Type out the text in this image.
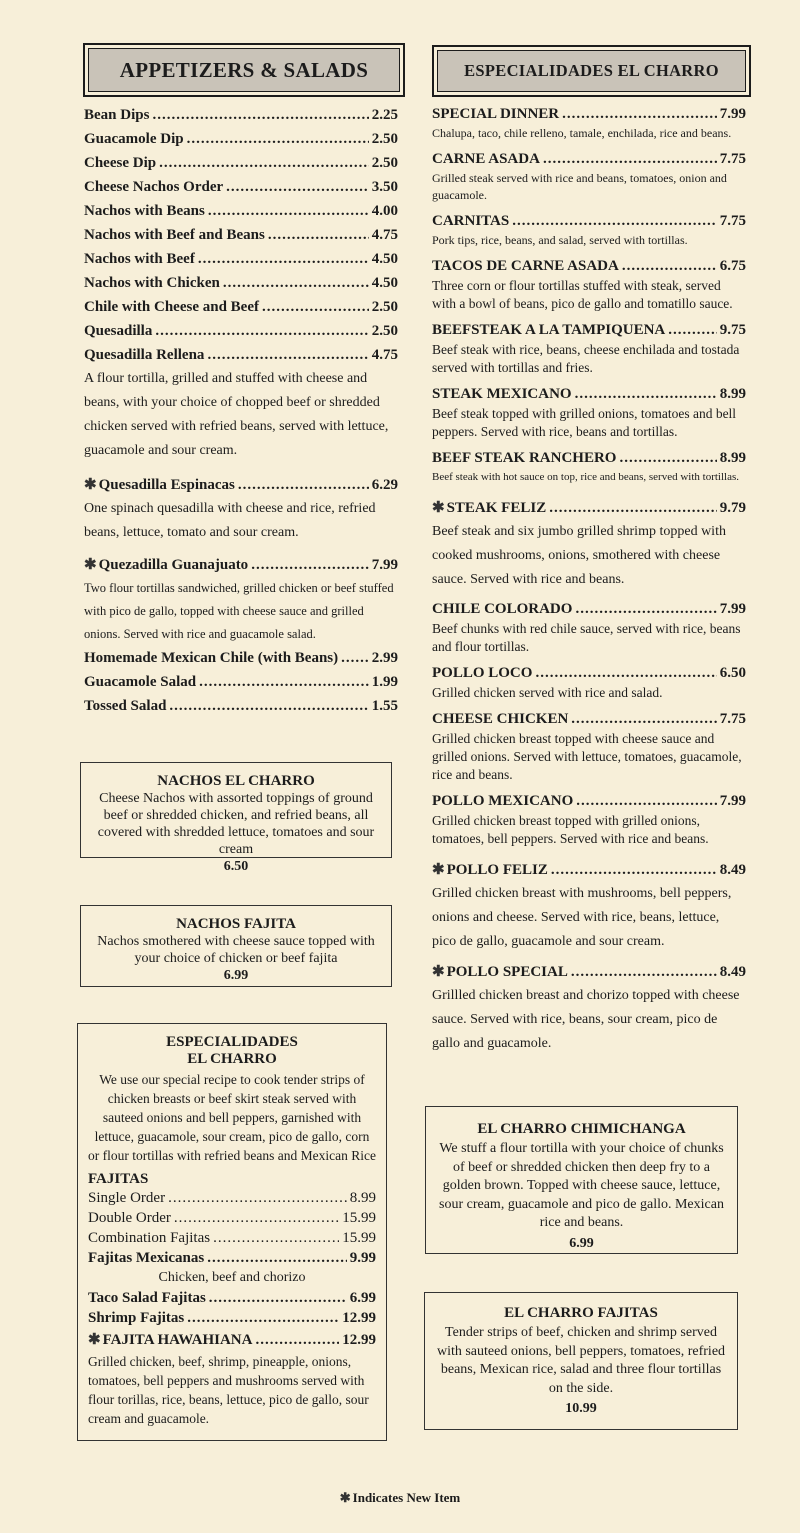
APPETIZERS & SALADS	ESPECIALIDADES EL CHARRO
Bean Dips .....	2.25
Guacamole Dip .....	2.50
Cheese Dip .....	2.50
Cheese Nachos Order .....	3.50
Nachos with Beans .....	4.00
Nachos with Beef and Beans .....	4.75
Nachos with Beef .....	4.50
Nachos with Chicken .....	4.50
Chile with Cheese and Beef .....	2.50
Quesadilla .....	2.50
Quesadilla Rellena .....	4.75

A flour tortilla, grilled and stuffed with cheese and beans, with your choice of chopped beef or shredded chicken served with refried beans, served with lettuce, guacamole and sour cream.

✱ Quesadilla Espinacas .....	6.29

One spinach quesadilla with cheese and rice, refried beans, lettuce, tomato and sour cream.

✱ Quezadilla Guanajuato .....	7.99

Two flour tortillas sandwiched, grilled chicken or beef stuffed with pico de gallo, topped with cheese sauce and grilled onions. Served with rice and guacamole salad.

Homemade Mexican Chile (with Beans) ..... 2.99
Guacamole Salad .....	1.99
Tossed Salad .....	1.55
NACHOS EL CHARRO
Cheese Nachos with assorted toppings of ground beef or shredded chicken, and refried beans, all covered with shredded lettuce, tomatoes and sour cream
6.50
NACHOS FAJITA
Nachos smothered with cheese sauce topped with your choice of chicken or beef fajita
6.99
ESPECIALIDADES
EL CHARRO
We use our special recipe to cook tender strips of chicken breasts or beef skirt steak served with sauteed onions and bell peppers, garnished with lettuce, guacamole, sour cream, pico de gallo, corn or flour tortillas with refried beans and Mexican Rice
FAJITAS
Single Order .....	8.99
Double Order .....	15.99
Combination Fajitas .....	15.99
Fajitas Mexicanas .....	9.99
Chicken, beef and chorizo
Taco Salad Fajitas .....	6.99
Shrimp Fajitas .....	12.99
✱ FAJITA HAWAHIANA .....	12.99
Grilled chicken, beef, shrimp, pineapple, onions, tomatoes, bell peppers and mushrooms served with flour torillas, rice, beans, lettuce, pico de gallo, sour cream and guacamole.
SPECIAL DINNER .....	7.99

Chalupa, taco, chile relleno, tamale, enchilada, rice and beans.

CARNE ASADA .....	7.75

Grilled steak served with rice and beans, tomatoes, onion and guacamole.

CARNITAS .....	7.75

Pork tips, rice, beans, and salad, served with tortillas.

TACOS DE CARNE ASADA .....	6.75

Three corn or flour tortillas stuffed with steak, served with a bowl of beans, pico de gallo and tomatillo sauce.

BEEFSTEAK A LA TAMPIQUENA .....	9.75

Beef steak with rice, beans, cheese enchilada and tostada served with tortillas and fries.

STEAK MEXICANO .....	8.99

Beef steak topped with grilled onions, tomatoes and bell peppers. Served with rice, beans and tortillas.

BEEF STEAK RANCHERO .....	8.99

Beef steak with hot sauce on top, rice and beans, served with tortillas.

✱ STEAK FELIZ .....	9.79

Beef steak and six jumbo grilled shrimp topped with cooked mushrooms, onions, smothered with cheese sauce. Served with rice and beans.

CHILE COLORADO .....	7.99

Beef chunks with red chile sauce, served with rice, beans and flour tortillas.

POLLO LOCO .....	6.50

Grilled chicken served with rice and salad.

CHEESE CHICKEN .....	7.75

Grilled chicken breast topped with cheese sauce and grilled onions. Served with lettuce, tomatoes, guacamole, rice and beans.

POLLO MEXICANO .....	7.99

Grilled chicken breast topped with grilled onions, tomatoes, bell peppers. Served with rice and beans.

✱ POLLO FELIZ .....	8.49

Grilled chicken breast with mushrooms, bell peppers, onions and cheese. Served with rice, beans, lettuce, pico de gallo, guacamole and sour cream.

✱ POLLO SPECIAL .....	8.49

Grillled chicken breast and chorizo topped with cheese sauce. Served with rice, beans, sour cream, pico de gallo and guacamole.

EL CHARRO CHIMICHANGA
We stuff a flour tortilla with your choice of chunks of beef or shredded chicken then deep fry to a golden brown. Topped with cheese sauce, lettuce, sour cream, guacamole and pico de gallo. Mexican rice and beans.
6.99
EL CHARRO FAJITAS
Tender strips of beef, chicken and shrimp served with sauteed onions, bell peppers, tomatoes, refried beans, Mexican rice, salad and three flour tortillas on the side.
10.99
✱ Indicates New Item
